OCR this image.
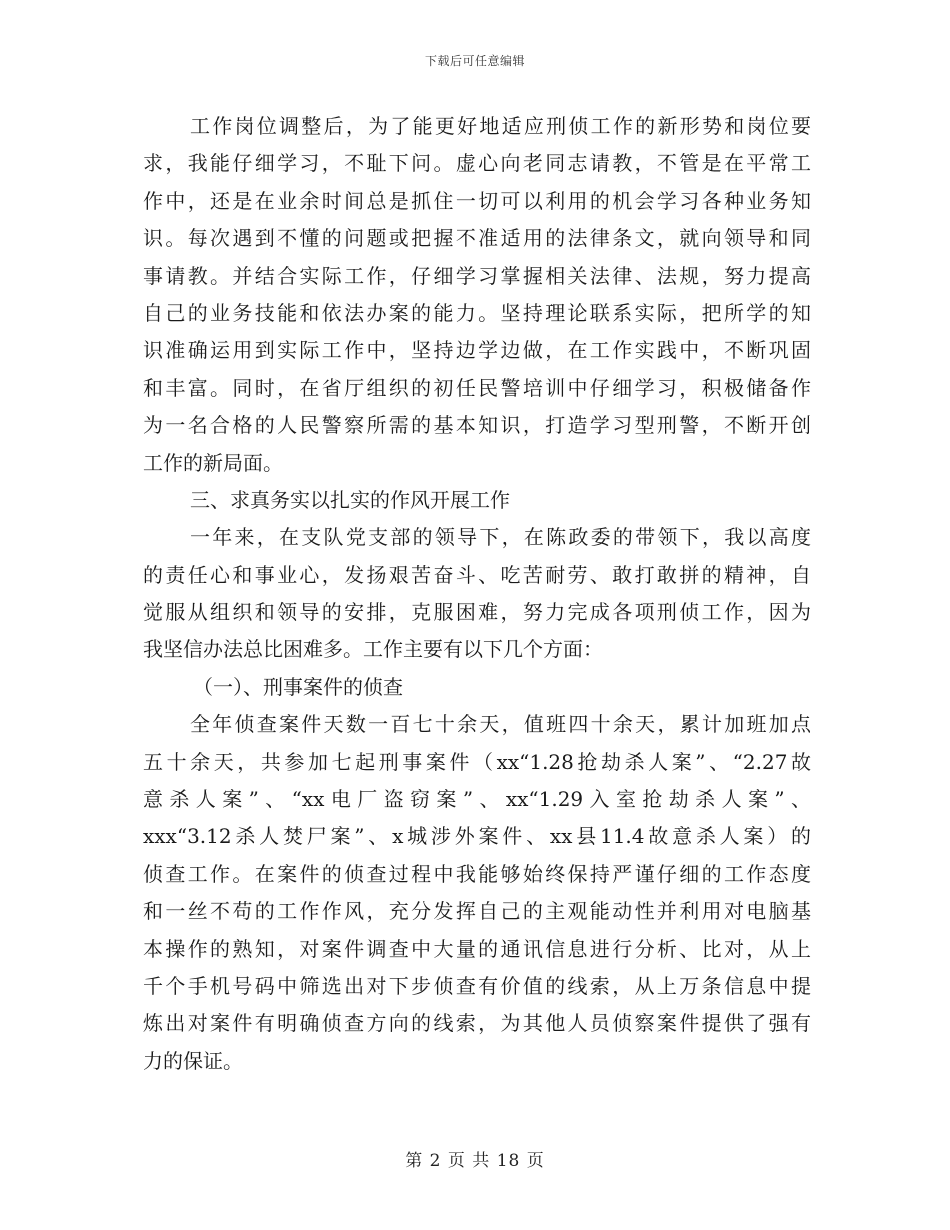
下载后可任意编辑
工作岗位调整后，为了能更好地适应刑侦工作的新形势和岗位要
求，我能仔细学习，不耻下问。虚心向老同志请教，不管是在平常工
作中，还是在业余时间总是抓住一切可以利用的机会学习各种业务知
识。每次遇到不懂的问题或把握不准适用的法律条文，就向领导和同
事请教。并结合实际工作，仔细学习掌握相关法律、法规，努力提高
自己的业务技能和依法办案的能力。坚持理论联系实际，把所学的知
识准确运用到实际工作中，坚持边学边做，在工作实践中，不断巩固
和丰富。同时，在省厅组织的初任民警培训中仔细学习，积极储备作
为一名合格的人民警察所需的基本知识，打造学习型刑警，不断开创
工作的新局面。
三、求真务实以扎实的作风开展工作
一年来，在支队党支部的领导下，在陈政委的带领下，我以高度
的责任心和事业心，发扬艰苦奋斗、吃苦耐劳、敢打敢拼的精神，自
觉服从组织和领导的安排，克服困难，努力完成各项刑侦工作，因为
我坚信办法总比困难多。工作主要有以下几个方面：
（一）、刑事案件的侦查
全年侦查案件天数一百七十余天，值班四十余天，累计加班加点
五十余天，共参加七起刑事案件（xx“1.28抢劫杀人案”、“2.27故
意杀人案”、“xx电厂盗窃案”、xx“1.29入室抢劫杀人案”、
xxx“3.12杀人焚尸案”、x城涉外案件、xx县11.4故意杀人案）的
侦查工作。在案件的侦查过程中我能够始终保持严谨仔细的工作态度
和一丝不苟的工作作风，充分发挥自己的主观能动性并利用对电脑基
本操作的熟知，对案件调查中大量的通讯信息进行分析、比对，从上
千个手机号码中筛选出对下步侦查有价值的线索，从上万条信息中提
炼出对案件有明确侦查方向的线索，为其他人员侦察案件提供了强有
力的保证。
第 2 页 共 18 页
